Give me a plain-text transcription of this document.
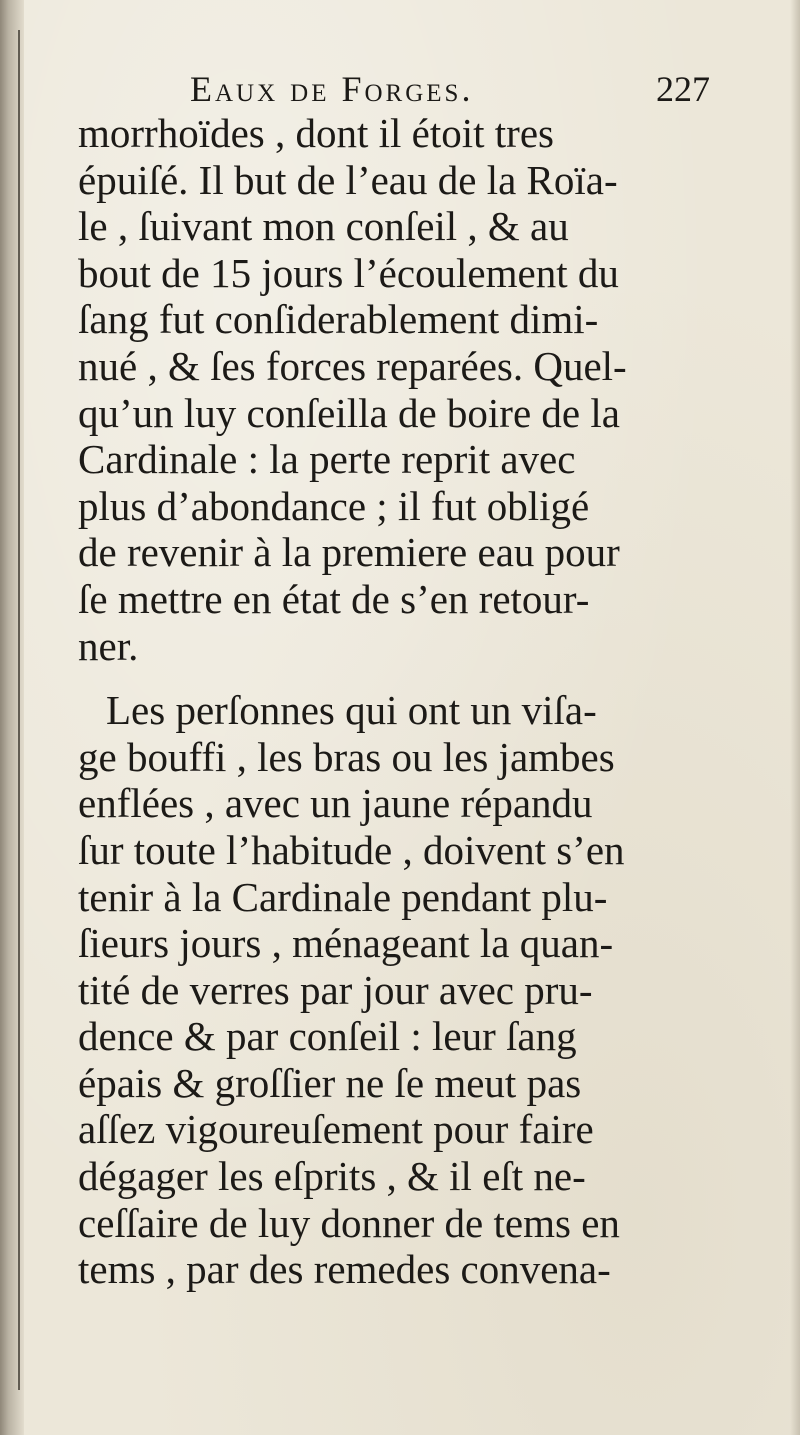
Eaux de Forges.	227
morrhoïdes , dont il étoit tres
épuiſé. Il but de l’eau de la Roïa-
le , ſuivant mon conſeil , & au
bout de 15 jours l’écoulement du
ſang fut conſiderablement dimi-
nué , & ſes forces reparées. Quel-
qu’un luy conſeilla de boire de la
Cardinale : la perte reprit avec
plus d’abondance ; il fut obligé
de revenir à la premiere eau pour
ſe mettre en état de s’en retour-
ner.
Les perſonnes qui ont un viſa-
ge bouffi , les bras ou les jambes
enflées , avec un jaune répandu
ſur toute l’habitude , doivent s’en
tenir à la Cardinale pendant plu-
ſieurs jours , ménageant la quan-
tité de verres par jour avec pru-
dence & par conſeil : leur ſang
épais & groſſier ne ſe meut pas
aſſez vigoureuſement pour faire
dégager les eſprits , & il eſt ne-
ceſſaire de luy donner de tems en
tems , par des remedes convena-
